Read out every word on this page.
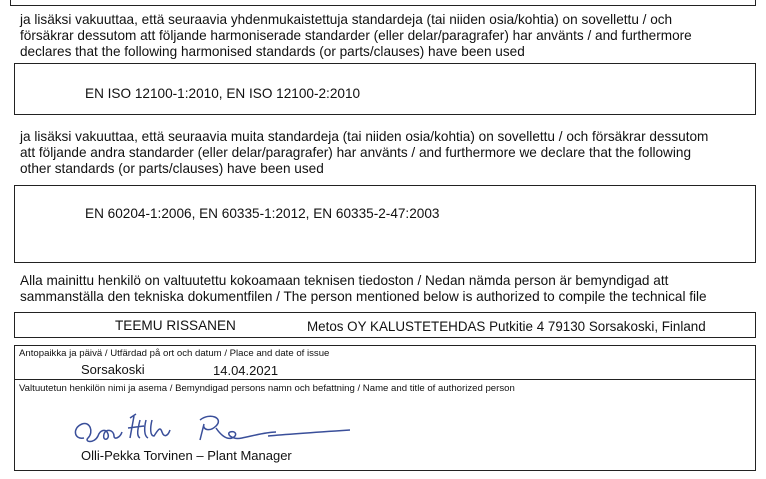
ja lisäksi vakuuttaa, että seuraavia yhdenmukaistettuja standardeja (tai niiden osia/kohtia) on sovellettu / och
försäkrar dessutom att följande harmoniserade standarder (eller delar/paragrafer) har använts / and furthermore
declares that the following harmonised standards (or parts/clauses) have been used
EN ISO 12100-1:2010, EN ISO 12100-2:2010
ja lisäksi vakuuttaa, että seuraavia muita standardeja (tai niiden osia/kohtia) on sovellettu / och försäkrar dessutom
att följande andra standarder (eller delar/paragrafer) har använts / and furthermore we declare that the following
other standards (or parts/clauses) have been used
EN 60204-1:2006, EN 60335-1:2012, EN 60335-2-47:2003
Alla mainittu henkilö on valtuutettu kokoamaan teknisen tiedoston / Nedan nämda person är bemyndigad att
sammanställa den tekniska dokumentfilen / The person mentioned below is authorized to compile the technical file
TEEMU RISSANEN	Metos OY KALUSTETEHDAS Putkitie 4 79130 Sorsakoski, Finland
Antopaikka ja päivä / Utfärdad på ort och datum / Place and date of issue
Sorsakoski	14.04.2021
Valtuutetun henkilön nimi ja asema / Bemyndigad persons namn och befattning / Name and title of authorized person
Olli-Pekka Torvinen – Plant Manager
